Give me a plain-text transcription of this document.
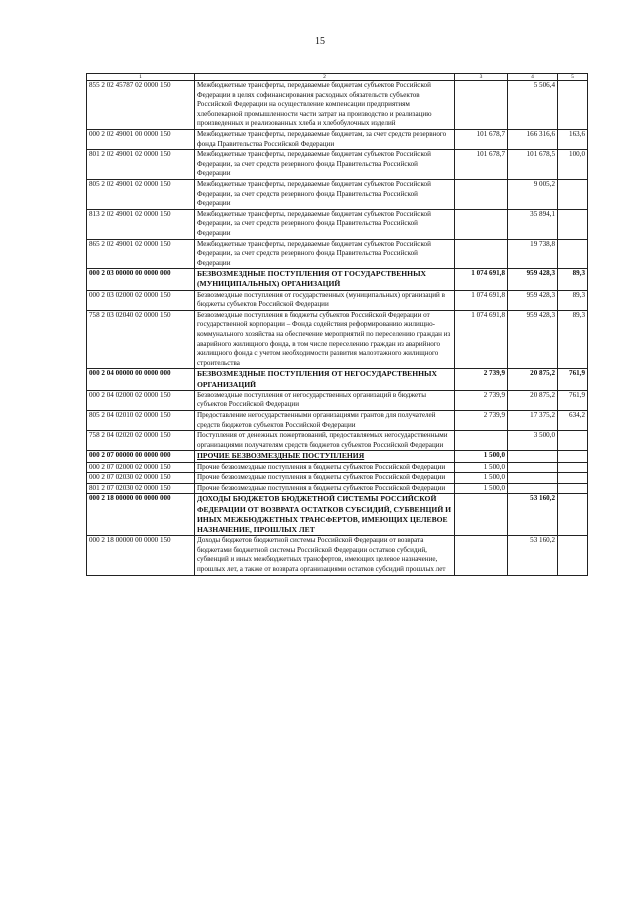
15
1	2	3	4	5
855 2 02 45787 02 0000 150	Межбюджетные трансферты, передаваемые бюджетам субъектов Российской Федерации в целях софинансирования расходных обязательств субъектов Российской Федерации на осуществление компенсации предприятиям хлебопекарной промышленности части затрат на производство и реализацию произведенных и реализованных хлеба и хлебобулочных изделий		5 506,4	
000 2 02 49001 00 0000 150	Межбюджетные трансферты, передаваемые бюджетам, за счет средств резервного фонда Правительства Российской Федерации	101 678,7	166 316,6	163,6
801 2 02 49001 02 0000 150	Межбюджетные трансферты, передаваемые бюджетам субъектов Российской Федерации, за счет средств резервного фонда Правительства Российской Федерации	101 678,7	101 678,5	100,0
805 2 02 49001 02 0000 150	Межбюджетные трансферты, передаваемые бюджетам субъектов Российской Федерации, за счет средств резервного фонда Правительства Российской Федерации		9 005,2	
813 2 02 49001 02 0000 150	Межбюджетные трансферты, передаваемые бюджетам субъектов Российской Федерации, за счет средств резервного фонда Правительства Российской Федерации		35 894,1	
865 2 02 49001 02 0000 150	Межбюджетные трансферты, передаваемые бюджетам субъектов Российской Федерации, за счет средств резервного фонда Правительства Российской Федерации		19 738,8	
000 2 03 00000 00 0000 000	БЕЗВОЗМЕЗДНЫЕ ПОСТУПЛЕНИЯ ОТ ГОСУДАРСТВЕННЫХ (МУНИЦИПАЛЬНЫХ) ОРГАНИЗАЦИЙ	1 074 691,8	959 428,3	89,3
000 2 03 02000 02 0000 150	Безвозмездные поступления от государственных (муниципальных) организаций в бюджеты субъектов Российской Федерации	1 074 691,8	959 428,3	89,3
758 2 03 02040 02 0000 150	Безвозмездные поступления в бюджеты субъектов Российской Федерации от государственной корпорации – Фонда содействия реформированию жилищно-коммунального хозяйства на обеспечение мероприятий по переселению граждан из аварийного жилищного фонда, в том числе переселению граждан из аварийного жилищного фонда с учетом необходимости развития малоэтажного жилищного строительства	1 074 691,8	959 428,3	89,3
000 2 04 00000 00 0000 000	БЕЗВОЗМЕЗДНЫЕ ПОСТУПЛЕНИЯ ОТ НЕГОСУДАРСТВЕННЫХ ОРГАНИЗАЦИЙ	2 739,9	20 875,2	761,9
000 2 04 02000 02 0000 150	Безвозмездные поступления от негосударственных организаций в бюджеты субъектов Российской Федерации	2 739,9	20 875,2	761,9
805 2 04 02010 02 0000 150	Предоставление негосударственными организациями грантов для получателей средств бюджетов субъектов Российской Федерации	2 739,9	17 375,2	634,2
758 2 04 02020 02 0000 150	Поступления от денежных пожертвований, предоставляемых негосударственными организациями получателям средств бюджетов субъектов Российской Федерации		3 500,0	
000 2 07 00000 00 0000 000	ПРОЧИЕ БЕЗВОЗМЕЗДНЫЕ ПОСТУПЛЕНИЯ	1 500,0		
000 2 07 02000 02 0000 150	Прочие безвозмездные поступления в бюджеты субъектов Российской Федерации	1 500,0		
000 2 07 02030 02 0000 150	Прочие безвозмездные поступления в бюджеты субъектов Российской Федерации	1 500,0		
801 2 07 02030 02 0000 150	Прочие безвозмездные поступления в бюджеты субъектов Российской Федерации	1 500,0		
000 2 18 00000 00 0000 000	ДОХОДЫ БЮДЖЕТОВ БЮДЖЕТНОЙ СИСТЕМЫ РОССИЙСКОЙ ФЕДЕРАЦИИ ОТ ВОЗВРАТА ОСТАТКОВ СУБСИДИЙ, СУБВЕНЦИЙ И ИНЫХ МЕЖБЮДЖЕТНЫХ ТРАНСФЕРТОВ, ИМЕЮЩИХ ЦЕЛЕВОЕ НАЗНАЧЕНИЕ, ПРОШЛЫХ ЛЕТ		53 160,2	
000 2 18 00000 00 0000 150	Доходы бюджетов бюджетной системы Российской Федерации от возврата бюджетами бюджетной системы Российской Федерации остатков субсидий, субвенций и иных межбюджетных трансфертов, имеющих целевое назначение, прошлых лет, а также от возврата организациями остатков субсидий прошлых лет		53 160,2	
